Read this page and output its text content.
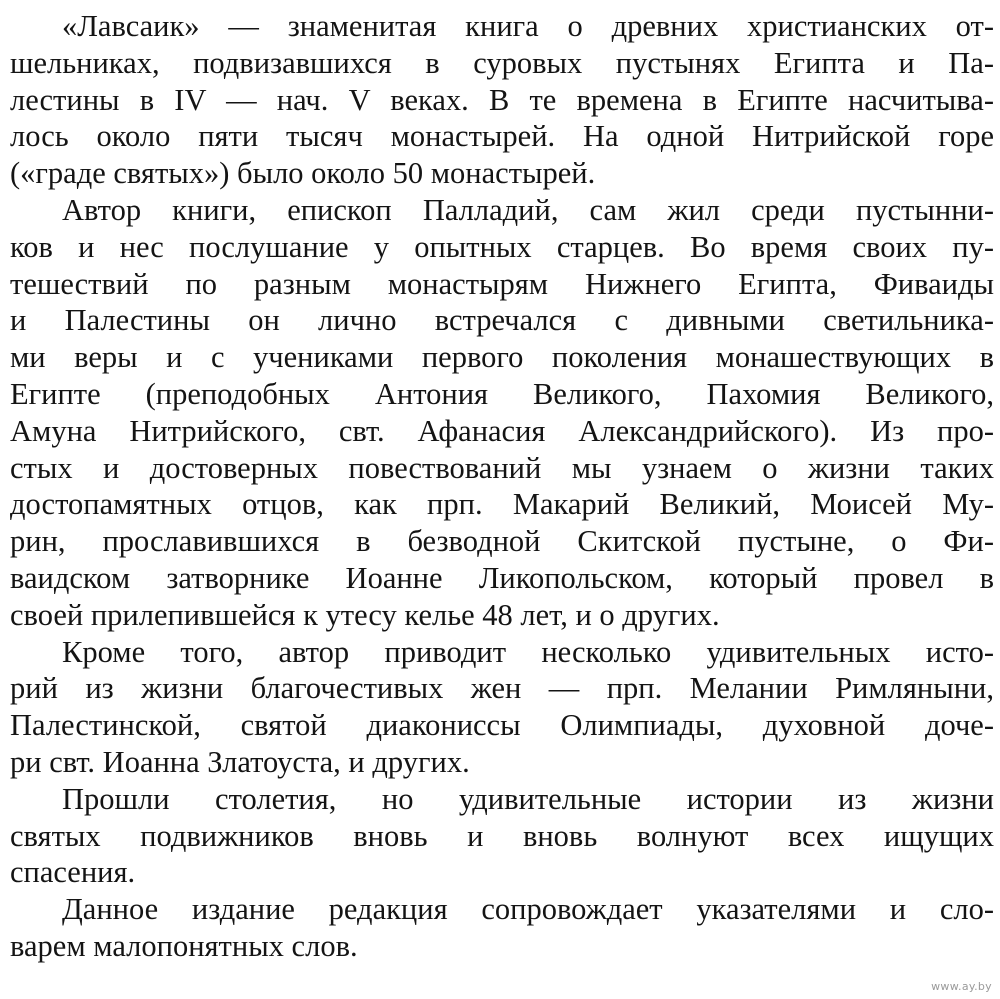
«Лавсаик» — знаменитая книга о древних христианских от-
шельниках, подвизавшихся в суровых пустынях Египта и Па-
лестины в IV — нач. V веках. В те времена в Египте насчитыва-
лось около пяти тысяч монастырей. На одной Нитрийской горе
(«граде святых») было около 50 монастырей.
Автор книги, епископ Палладий, сам жил среди пустынни-
ков и нес послушание у опытных старцев. Во время своих пу-
тешествий по разным монастырям Нижнего Египта, Фиваиды
и Палестины он лично встречался с дивными светильника-
ми веры и с учениками первого поколения монашествующих в
Египте (преподобных Антония Великого, Пахомия Великого,
Амуна Нитрийского, свт. Афанасия Александрийского). Из про-
стых и достоверных повествований мы узнаем о жизни таких
достопамятных отцов, как прп. Макарий Великий, Моисей Му-
рин, прославившихся в безводной Скитской пустыне, о Фи-
ваидском затворнике Иоанне Ликопольском, который провел в
своей прилепившейся к утесу келье 48 лет, и о других.
Кроме того, автор приводит несколько удивительных исто-
рий из жизни благочестивых жен — прп. Мелании Римляныни,
Палестинской, святой диакониссы Олимпиады, духовной доче-
ри свт. Иоанна Златоуста, и других.
Прошли столетия, но удивительные истории из жизни
святых подвижников вновь и вновь волнуют всех ищущих
спасения.
Данное издание редакция сопровождает указателями и сло-
варем малопонятных слов.
www.ay.by
